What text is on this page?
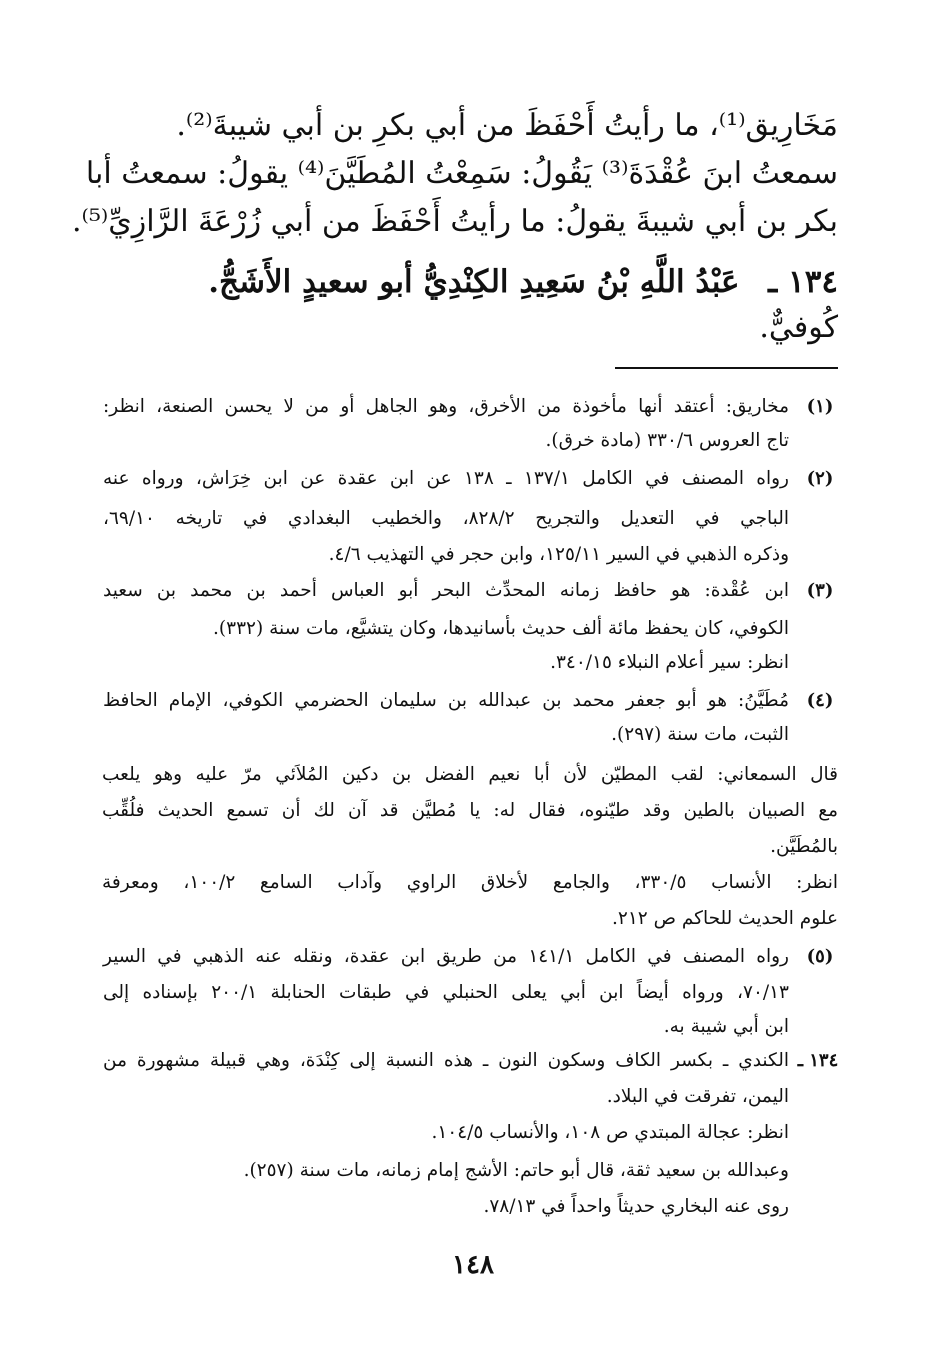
مَخَارِيق⁽¹⁾، ما رأيتُ أَحْفَظَ من أبي بكرِ بن أبي شيبةَ⁽²⁾.
سمعتُ ابنَ عُقْدَةَ⁽³⁾ يَقُولُ: سَمِعْتُ المُطَيَّنَ⁽⁴⁾ يقولُ: سمعتُ أبا
بكر بن أبي شيبةَ يقولُ: ما رأيتُ أَحْفَظَ من أبي زُرْعَةَ الرَّازِيِّ⁽⁵⁾.
١٣٤ ـ   عَبْدُ اللَّهِ بْنُ سَعِيدِ الكِنْدِيُّ أبو سعيدٍ الأَشَجُّ.
كُوفيٌّ.
(١)
مخاريق: أعتقد أنها مأخوذة من الأخرق، وهو الجاهل أو من لا يحسن الصنعة، انظر:
تاج العروس ٣٣٠/٦ (مادة خرق).
(٢)
رواه المصنف في الكامل ١٣٧/١ ـ ١٣٨ عن ابن عقدة عن ابن خِرَاش، ورواه عنه
الباجي في التعديل والتجريح ٨٢٨/٢، والخطيب البغدادي في تاريخه ٦٩/١٠،
وذكره الذهبي في السير ١٢٥/١١، وابن حجر في التهذيب ٤/٦.
(٣)
ابن عُقْدة: هو حافظ زمانه المحدِّث البحر أبو العباس أحمد بن محمد بن سعيد
الكوفي، كان يحفظ مائة ألف حديث بأسانيدها، وكان يتشيَّع، مات سنة (٣٣٢).
انظر: سير أعلام النبلاء ٣٤٠/١٥.
(٤)
مُطَيَّنُ: هو أبو جعفر محمد بن عبدالله بن سليمان الحضرمي الكوفي، الإمام الحافظ
الثبت، مات سنة (٢٩٧).
قال السمعاني: لقب المطيّن لأن أبا نعيم الفضل بن دكين المُلاَئي مرّ عليه وهو يلعب
مع الصبيان بالطين وقد طيّنوه، فقال له: يا مُطيَّن قد آن لك أن تسمع الحديث فلُقِّب
بالمُطَيَّن.
انظر: الأنساب ٣٣٠/٥، والجامع لأخلاق الراوي وآداب السامع ١٠٠/٢، ومعرفة
علوم الحديث للحاكم ص ٢١٢.
(٥)
رواه المصنف في الكامل ١٤١/١ من طريق ابن عقدة، ونقله عنه الذهبي في السير
٧٠/١٣، ورواه أيضاً ابن أبي يعلى الحنبلي في طبقات الحنابلة ٢٠٠/١ بإسناده إلى
ابن أبي شيبة به.
١٣٤ ـ
الكندي ـ بكسر الكاف وسكون النون ـ هذه النسبة إلى كِنْدَة، وهي قبيلة مشهورة من
اليمن، تفرقت في البلاد.
انظر: عجالة المبتدي ص ١٠٨، والأنساب ١٠٤/٥.
وعبدالله بن سعيد ثقة، قال أبو حاتم: الأشج إمام زمانه، مات سنة (٢٥٧).
روى عنه البخاري حديثاً واحداً في ٧٨/١٣.
١٤٨
